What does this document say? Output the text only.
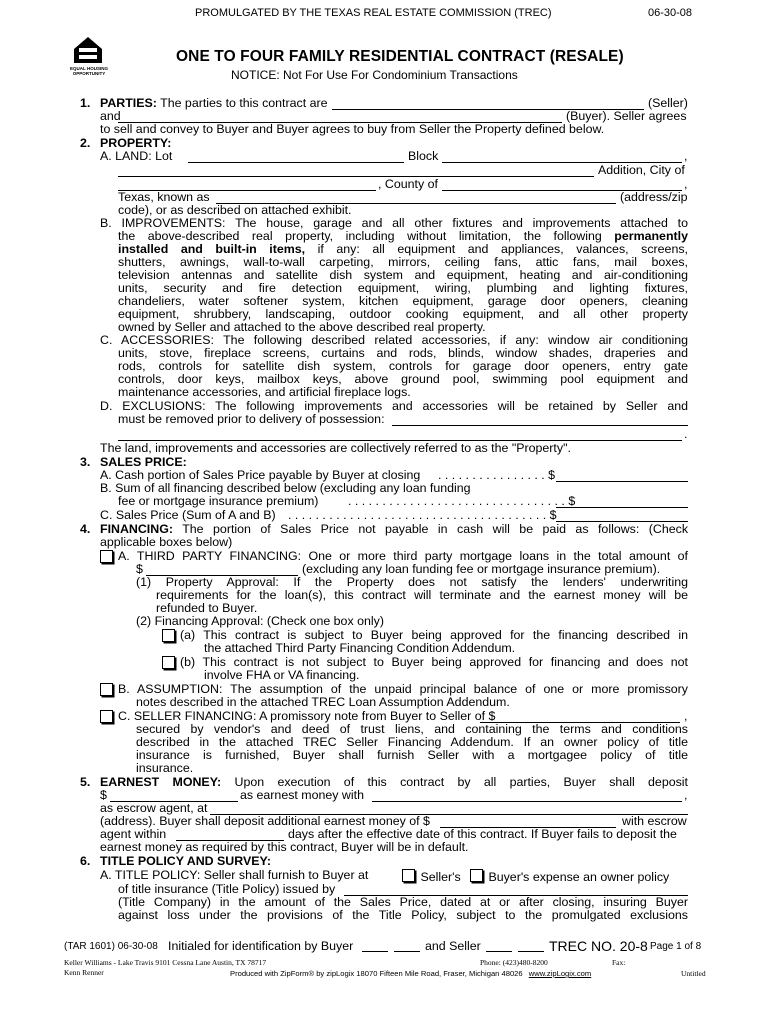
PROMULGATED BY THE TEXAS REAL ESTATE COMMISSION (TREC)	06-30-08
EQUAL HOUSING OPPORTUNITY
ONE TO FOUR FAMILY RESIDENTIAL CONTRACT (RESALE)
NOTICE: Not For Use For Condominium Transactions
1. PARTIES: The parties to this contract are	(Seller)
and	(Buyer). Seller agrees
to sell and convey to Buyer and Buyer agrees to buy from Seller the Property defined below.
2. PROPERTY:
A. LAND: Lot	Block	,
Addition, City of
, County of	,
Texas, known as	(address/zip
code), or as described on attached exhibit.
B. IMPROVEMENTS: The house, garage and all other fixtures and improvements attached to
the above-described real property, including without limitation, the following permanently
installed and built-in items, if any: all equipment and appliances, valances, screens,
shutters, awnings, wall-to-wall carpeting, mirrors, ceiling fans, attic fans, mail boxes,
television antennas and satellite dish system and equipment, heating and air-conditioning
units, security and fire detection equipment, wiring, plumbing and lighting fixtures,
chandeliers, water softener system, kitchen equipment, garage door openers, cleaning
equipment, shrubbery, landscaping, outdoor cooking equipment, and all other property
owned by Seller and attached to the above described real property.
C. ACCESSORIES: The following described related accessories, if any: window air conditioning
units, stove, fireplace screens, curtains and rods, blinds, window shades, draperies and
rods, controls for satellite dish system, controls for garage door openers, entry gate
controls, door keys, mailbox keys, above ground pool, swimming pool equipment and
maintenance accessories, and artificial fireplace logs.
D. EXCLUSIONS: The following improvements and accessories will be retained by Seller and
must be removed prior to delivery of possession:
.
The land, improvements and accessories are collectively referred to as the "Property".
3. SALES PRICE:
A. Cash portion of Sales Price payable by Buyer at closing . . . . . . . . . . . . . . . . $
B. Sum of all financing described below (excluding any loan funding
fee or mortgage insurance premium) . . . . . . . . . . . . . . . . . . . . . . . . . . . . . . . . $
C. Sales Price (Sum of A and B) . . . . . . . . . . . . . . . . . . . . . . . . . . . . . . . . . . . . . . $
4. FINANCING: The portion of Sales Price not payable in cash will be paid as follows: (Check
applicable boxes below)
A. THIRD PARTY FINANCING: One or more third party mortgage loans in the total amount of
$	(excluding any loan funding fee or mortgage insurance premium).
(1) Property Approval: If the Property does not satisfy the lenders' underwriting
requirements for the loan(s), this contract will terminate and the earnest money will be
refunded to Buyer.
(2) Financing Approval: (Check one box only)
(a) This contract is subject to Buyer being approved for the financing described in
the attached Third Party Financing Condition Addendum.
(b) This contract is not subject to Buyer being approved for financing and does not
involve FHA or VA financing.
B. ASSUMPTION: The assumption of the unpaid principal balance of one or more promissory
notes described in the attached TREC Loan Assumption Addendum.
C. SELLER FINANCING: A promissory note from Buyer to Seller of $	,
secured by vendor's and deed of trust liens, and containing the terms and conditions
described in the attached TREC Seller Financing Addendum. If an owner policy of title
insurance is furnished, Buyer shall furnish Seller with a mortgagee policy of title
insurance.
5. EARNEST MONEY: Upon execution of this contract by all parties, Buyer shall deposit
$	as earnest money with	,
as escrow agent, at
(address). Buyer shall deposit additional earnest money of $	with escrow
agent within	days after the effective date of this contract. If Buyer fails to deposit the
earnest money as required by this contract, Buyer will be in default.
6. TITLE POLICY AND SURVEY:
A. TITLE POLICY: Seller shall furnish to Buyer at	Seller's	Buyer's expense an owner policy
of title insurance (Title Policy) issued by
(Title Company) in the amount of the Sales Price, dated at or after closing, insuring Buyer
against loss under the provisions of the Title Policy, subject to the promulgated exclusions
(TAR 1601) 06-30-08 Initialed for identification by Buyer	and Seller	TREC NO. 20-8 Page 1 of 8
Keller Williams - Lake Travis 9101 Cessna Lane Austin, TX 78717	Phone: (423)480-8200	Fax:
Kenn Renner	Produced with ZipForm® by zipLogix 18070 Fifteen Mile Road, Fraser, Michigan 48026 www.zipLogix.com	Untitled
